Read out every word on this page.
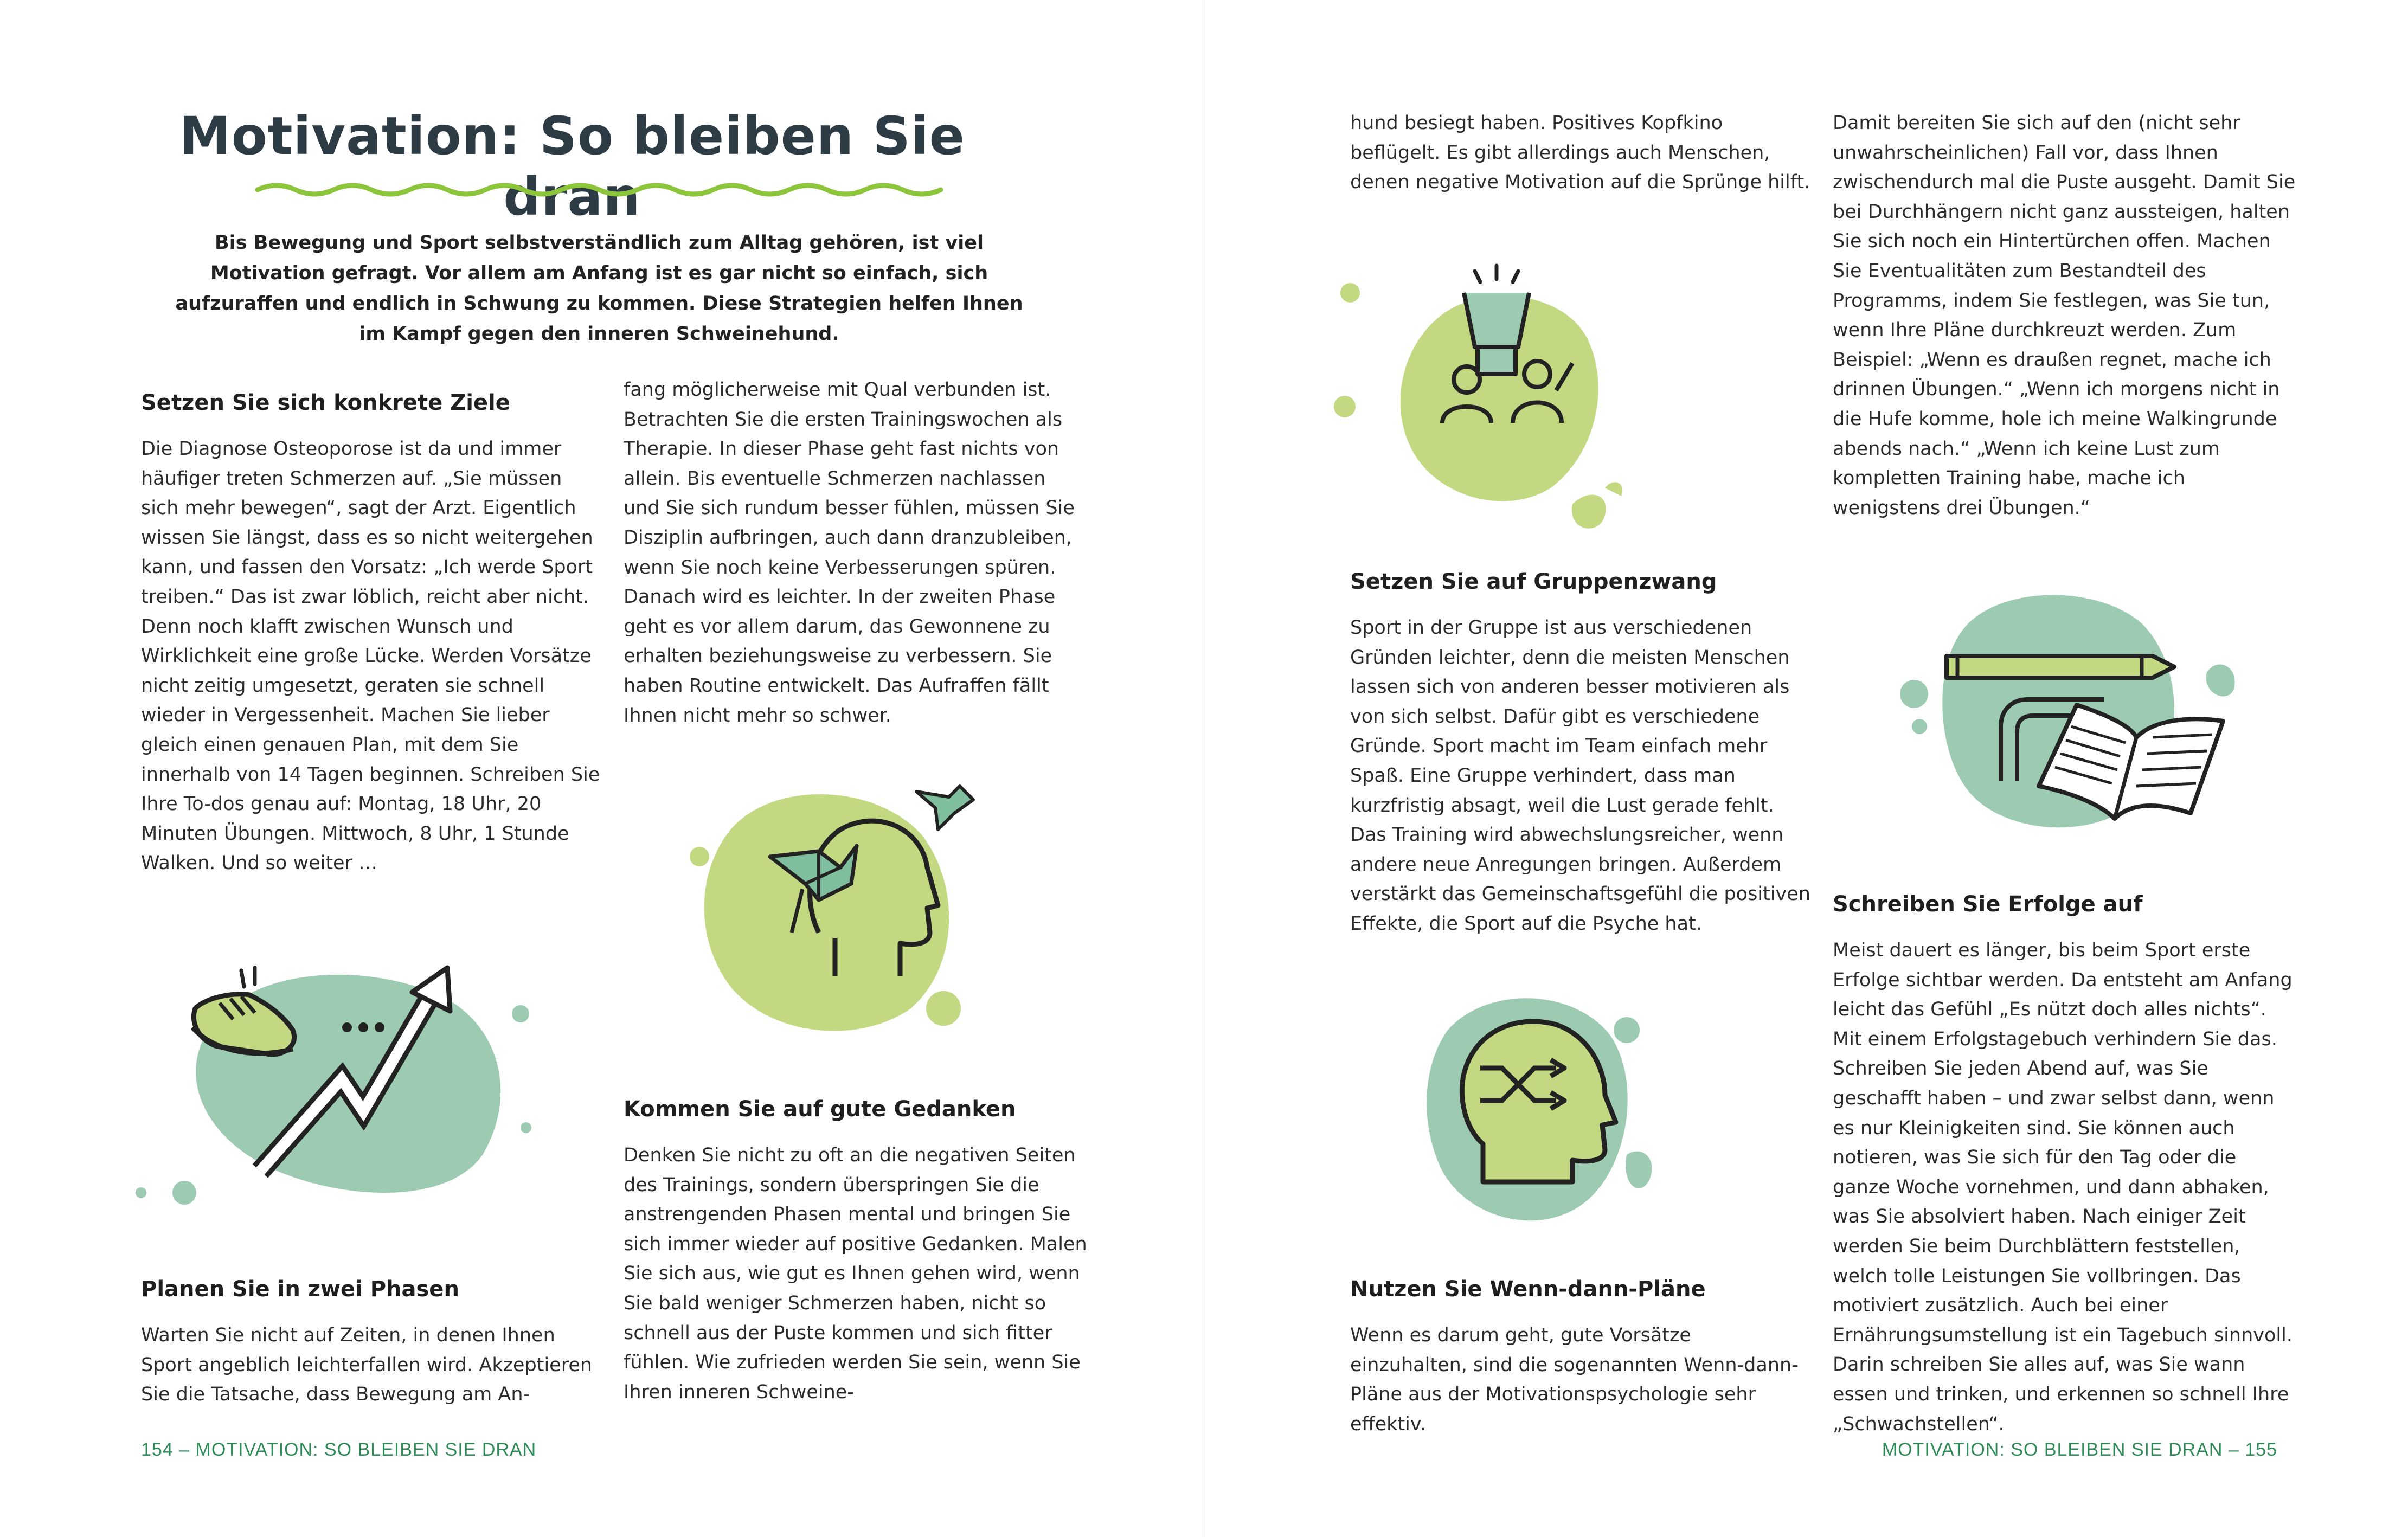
Motivation: So bleiben Sie dran

Bis Bewegung und Sport selbstverständlich zum Alltag gehören, ist viel Motivation gefragt. Vor allem am Anfang ist es gar nicht so einfach, sich aufzuraffen und endlich in Schwung zu kommen. Diese Strategien helfen Ihnen im Kampf gegen den inneren Schweinehund.

Setzen Sie sich konkrete Ziele

Die Diagnose Osteoporose ist da und immer häufiger treten Schmerzen auf. „Sie müssen sich mehr bewegen“, sagt der Arzt. Eigentlich wissen Sie längst, dass es so nicht weitergehen kann, und fassen den Vorsatz: „Ich werde Sport treiben.“ Das ist zwar löblich, reicht aber nicht. Denn noch klafft zwischen Wunsch und Wirklichkeit eine große Lücke. Werden Vorsätze nicht zeitig umgesetzt, geraten sie schnell wieder in Vergessenheit. Machen Sie lieber gleich einen genauen Plan, mit dem Sie innerhalb von 14 Tagen beginnen. Schreiben Sie Ihre To-dos genau auf: Montag, 18 Uhr, 20 Minuten Übungen. Mittwoch, 8 Uhr, 1 Stunde Walken. Und so weiter …

Planen Sie in zwei Phasen

Warten Sie nicht auf Zeiten, in denen Ihnen Sport angeblich leichterfallen wird. Akzeptieren Sie die Tatsache, dass Bewegung am An-

fang möglicherweise mit Qual verbunden ist. Betrachten Sie die ersten Trainingswochen als Therapie. In dieser Phase geht fast nichts von allein. Bis eventuelle Schmerzen nachlassen und Sie sich rundum besser fühlen, müssen Sie Disziplin aufbringen, auch dann dranzubleiben, wenn Sie noch keine Verbesserungen spüren. Danach wird es leichter. In der zweiten Phase geht es vor allem darum, das Gewonnene zu erhalten beziehungsweise zu verbessern. Sie haben Routine entwickelt. Das Aufraffen fällt Ihnen nicht mehr so schwer.

Kommen Sie auf gute Gedanken

Denken Sie nicht zu oft an die negativen Seiten des Trainings, sondern überspringen Sie die anstrengenden Phasen mental und bringen Sie sich immer wieder auf positive Gedanken. Malen Sie sich aus, wie gut es Ihnen gehen wird, wenn Sie bald weniger Schmerzen haben, nicht so schnell aus der Puste kommen und sich fitter fühlen. Wie zufrieden werden Sie sein, wenn Sie Ihren inneren Schweine-

154 – MOTIVATION: SO BLEIBEN SIE DRAN

hund besiegt haben. Positives Kopfkino beflügelt. Es gibt allerdings auch Menschen, denen negative Motivation auf die Sprünge hilft.

Setzen Sie auf Gruppenzwang

Sport in der Gruppe ist aus verschiedenen Gründen leichter, denn die meisten Menschen lassen sich von anderen besser motivieren als von sich selbst. Dafür gibt es verschiedene Gründe. Sport macht im Team einfach mehr Spaß. Eine Gruppe verhindert, dass man kurzfristig absagt, weil die Lust gerade fehlt. Das Training wird abwechslungsreicher, wenn andere neue Anregungen bringen. Außerdem verstärkt das Gemeinschaftsgefühl die positiven Effekte, die Sport auf die Psyche hat.

Nutzen Sie Wenn-dann-Pläne

Wenn es darum geht, gute Vorsätze einzuhalten, sind die sogenannten Wenn-dann-Pläne aus der Motivationspsychologie sehr effektiv.

Damit bereiten Sie sich auf den (nicht sehr unwahrscheinlichen) Fall vor, dass Ihnen zwischendurch mal die Puste ausgeht. Damit Sie bei Durchhängern nicht ganz aussteigen, halten Sie sich noch ein Hintertürchen offen. Machen Sie Eventualitäten zum Bestandteil des Programms, indem Sie festlegen, was Sie tun, wenn Ihre Pläne durchkreuzt werden. Zum Beispiel: „Wenn es draußen regnet, mache ich drinnen Übungen.“ „Wenn ich morgens nicht in die Hufe komme, hole ich meine Walkingrunde abends nach.“ „Wenn ich keine Lust zum kompletten Training habe, mache ich wenigstens drei Übungen.“

Schreiben Sie Erfolge auf

Meist dauert es länger, bis beim Sport erste Erfolge sichtbar werden. Da entsteht am Anfang leicht das Gefühl „Es nützt doch alles nichts“. Mit einem Erfolgstagebuch verhindern Sie das. Schreiben Sie jeden Abend auf, was Sie geschafft haben – und zwar selbst dann, wenn es nur Kleinigkeiten sind. Sie können auch notieren, was Sie sich für den Tag oder die ganze Woche vornehmen, und dann abhaken, was Sie absolviert haben. Nach einiger Zeit werden Sie beim Durchblättern feststellen, welch tolle Leistungen Sie vollbringen. Das motiviert zusätzlich. Auch bei einer Ernährungsumstellung ist ein Tagebuch sinnvoll. Darin schreiben Sie alles auf, was Sie wann essen und trinken, und erkennen so schnell Ihre „Schwachstellen“.

MOTIVATION: SO BLEIBEN SIE DRAN – 155
